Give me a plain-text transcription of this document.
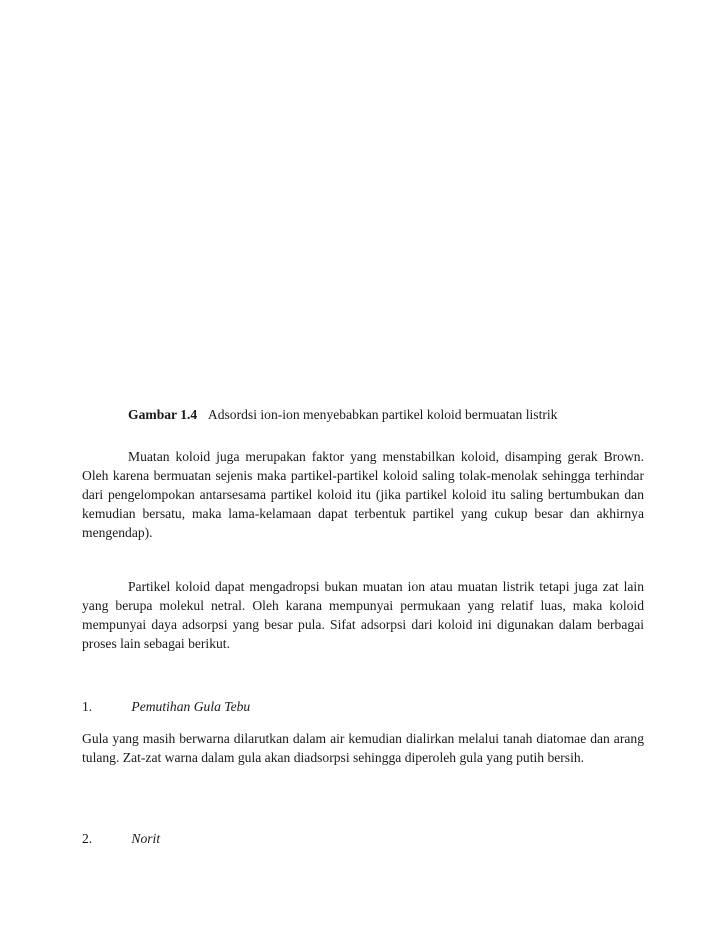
Gambar 1.4 Adsordsi ion-ion menyebabkan partikel koloid bermuatan listrik

Muatan koloid juga merupakan faktor yang menstabilkan koloid, disamping gerak Brown. Oleh karena bermuatan sejenis maka partikel-partikel koloid saling tolak-menolak sehingga terhindar dari pengelompokan antarsesama partikel koloid itu (jika partikel koloid itu saling bertumbukan dan kemudian bersatu, maka lama-kelamaan dapat terbentuk partikel yang cukup besar dan akhirnya mengendap).

Partikel koloid dapat mengadropsi bukan muatan ion atau muatan listrik tetapi juga zat lain yang berupa molekul netral. Oleh karana mempunyai permukaan yang relatif luas, maka koloid mempunyai daya adsorpsi yang besar pula. Sifat adsorpsi dari koloid ini digunakan dalam berbagai proses lain sebagai berikut.

1.	Pemutihan Gula Tebu

Gula yang masih berwarna dilarutkan dalam air kemudian dialirkan melalui tanah diatomae dan arang tulang. Zat-zat warna dalam gula akan diadsorpsi sehingga diperoleh gula yang putih bersih.

2.	Norit
